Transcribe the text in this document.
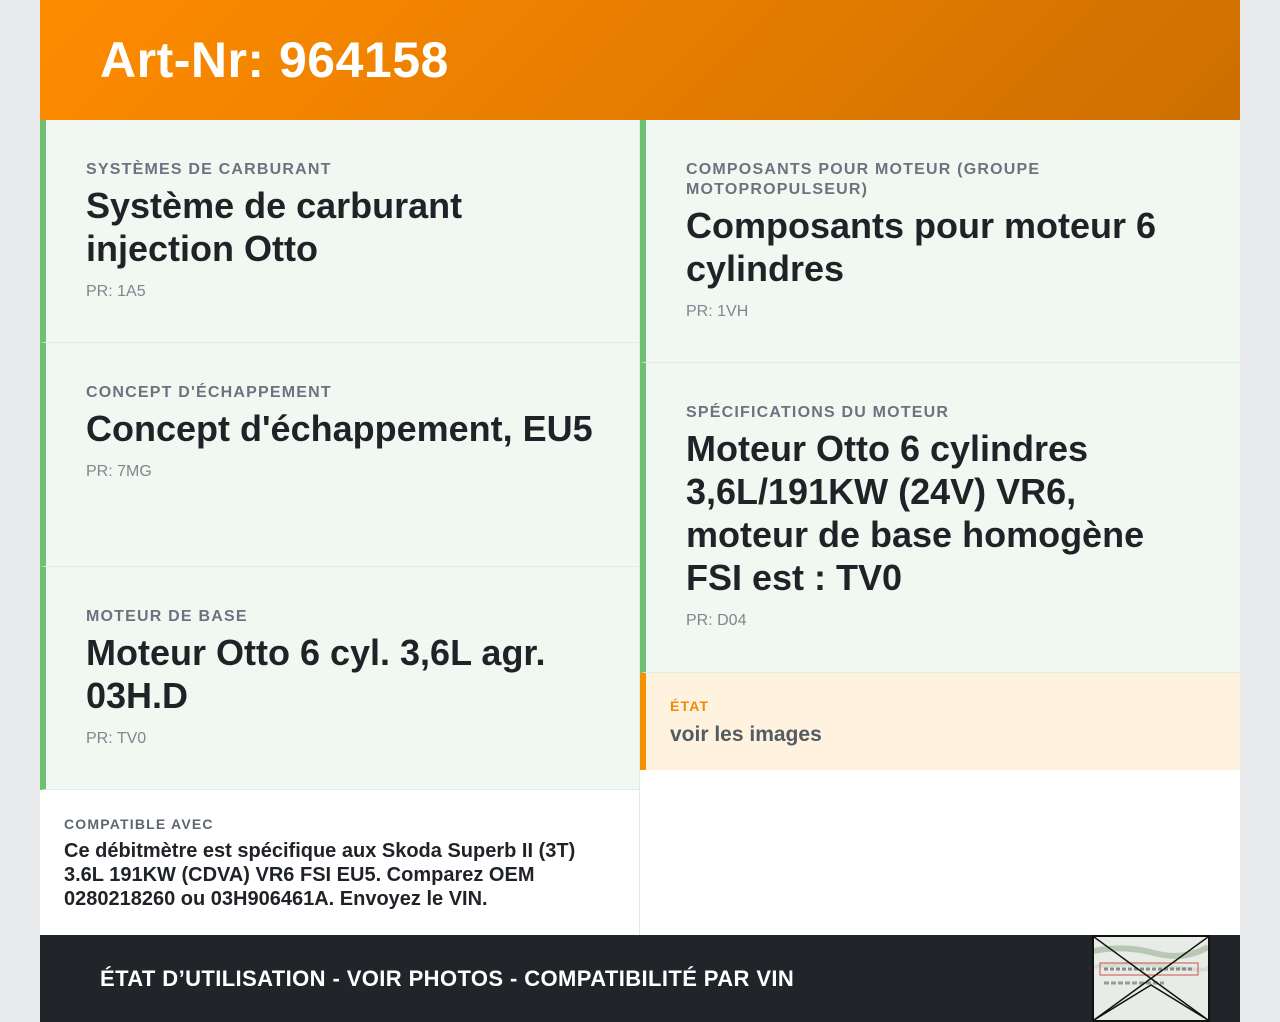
Art-Nr: 964158
SYSTÈMES DE CARBURANT
Système de carburant injection Otto
PR: 1A5
CONCEPT D'ÉCHAPPEMENT
Concept d'échappement, EU5
PR: 7MG
MOTEUR DE BASE
Moteur Otto 6 cyl. 3,6L agr. 03H.D
PR: TV0
COMPATIBLE AVEC
Ce débitmètre est spécifique aux Skoda Superb II (3T) 3.6L 191KW (CDVA) VR6 FSI EU5. Comparez OEM 0280218260 ou 03H906461A. Envoyez le VIN.
COMPOSANTS POUR MOTEUR (GROUPE MOTOPROPULSEUR)
Composants pour moteur 6 cylindres
PR: 1VH
SPÉCIFICATIONS DU MOTEUR
Moteur Otto 6 cylindres 3,6L/191KW (24V) VR6, moteur de base homogène FSI est : TV0
PR: D04
ÉTAT
voir les images
ÉTAT D’UTILISATION - VOIR PHOTOS - COMPATIBILITÉ PAR VIN
